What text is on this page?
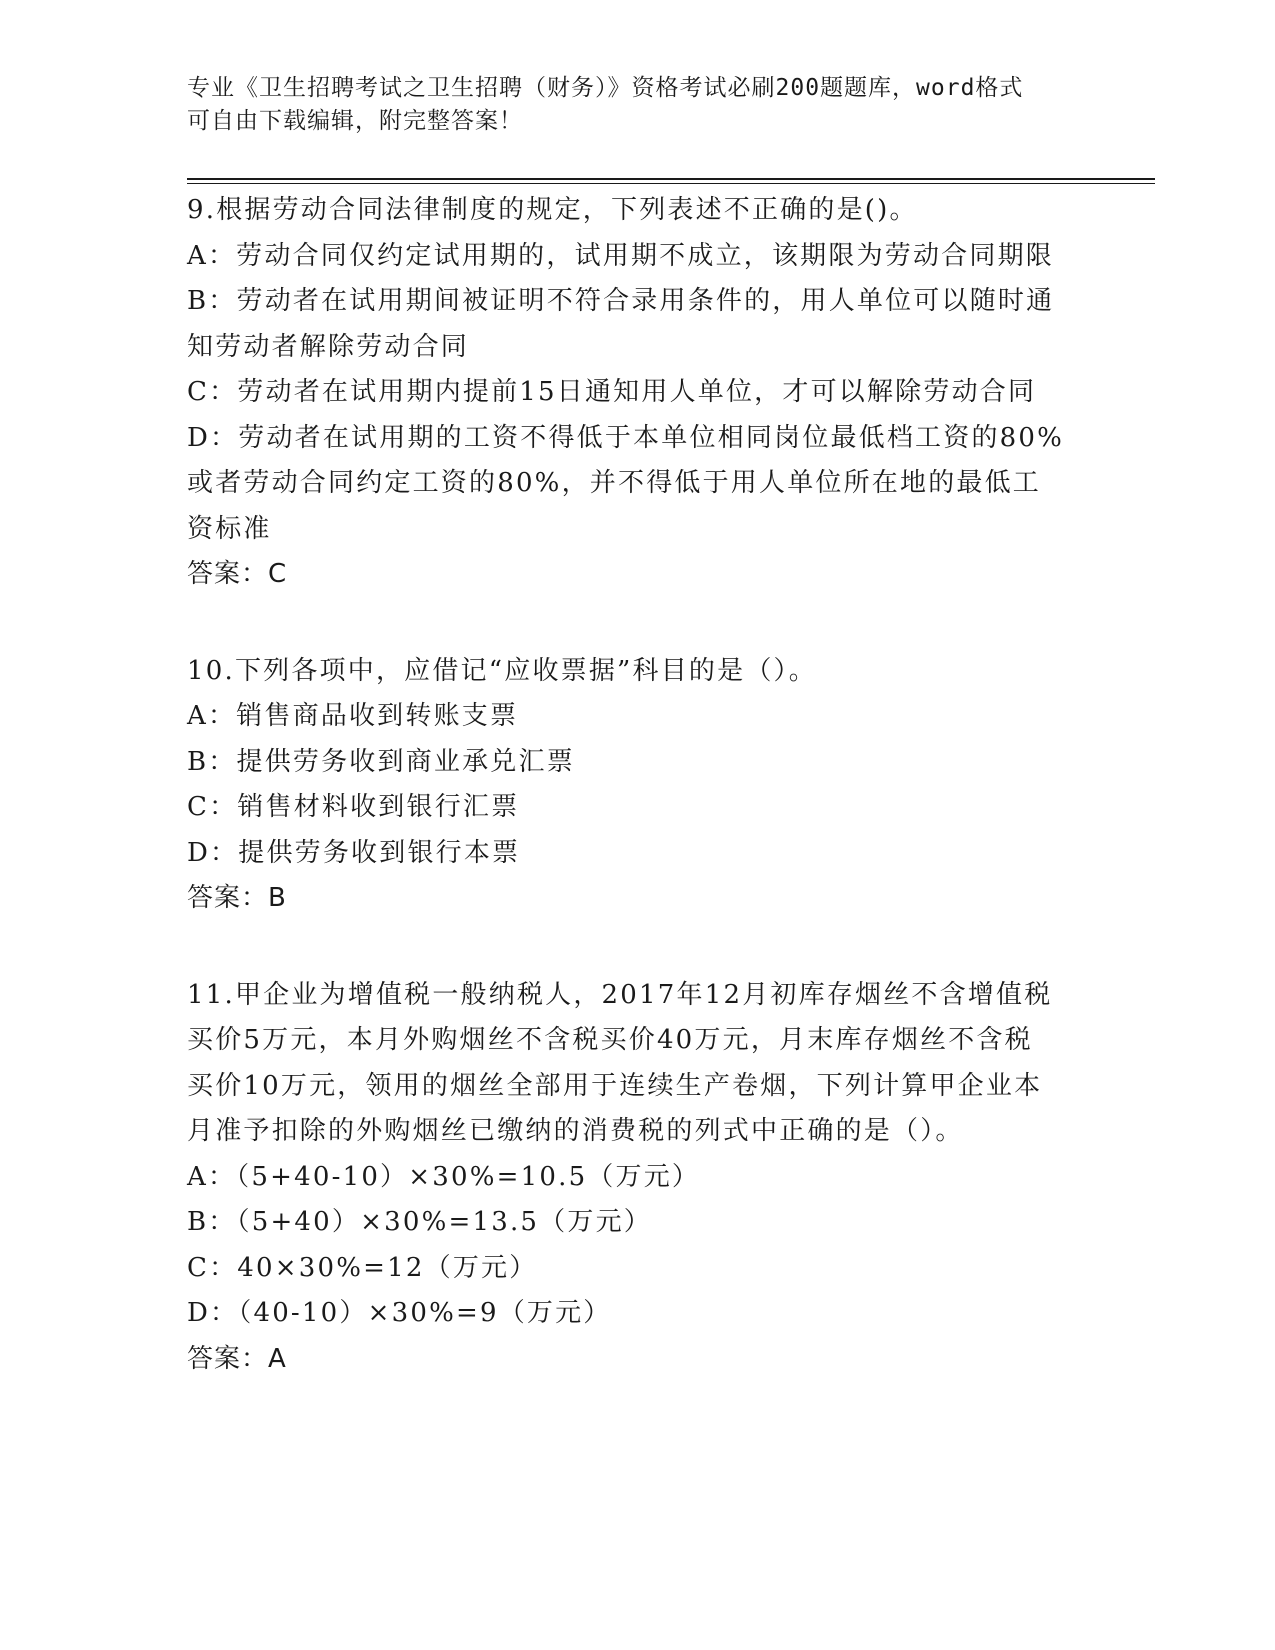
专业《卫生招聘考试之卫生招聘（财务）》资格考试必刷200题题库，word格式
可自由下载编辑，附完整答案！
9.根据劳动合同法律制度的规定，下列表述不正确的是()。
A：劳动合同仅约定试用期的，试用期不成立，该期限为劳动合同期限
B：劳动者在试用期间被证明不符合录用条件的，用人单位可以随时通
知劳动者解除劳动合同
C：劳动者在试用期内提前15日通知用人单位，才可以解除劳动合同
D：劳动者在试用期的工资不得低于本单位相同岗位最低档工资的80%
或者劳动合同约定工资的80%，并不得低于用人单位所在地的最低工
资标准
答案：C
10.下列各项中，应借记“应收票据”科目的是（）。
A：销售商品收到转账支票
B：提供劳务收到商业承兑汇票
C：销售材料收到银行汇票
D：提供劳务收到银行本票
答案：B
11.甲企业为增值税一般纳税人，2017年12月初库存烟丝不含增值税
买价5万元，本月外购烟丝不含税买价40万元，月末库存烟丝不含税
买价10万元，领用的烟丝全部用于连续生产卷烟，下列计算甲企业本
月准予扣除的外购烟丝已缴纳的消费税的列式中正确的是（）。
A：（5+40-10）×30%=10.5（万元）
B：（5+40）×30%=13.5（万元）
C：40×30%=12（万元）
D：（40-10）×30%=9（万元）
答案：A
